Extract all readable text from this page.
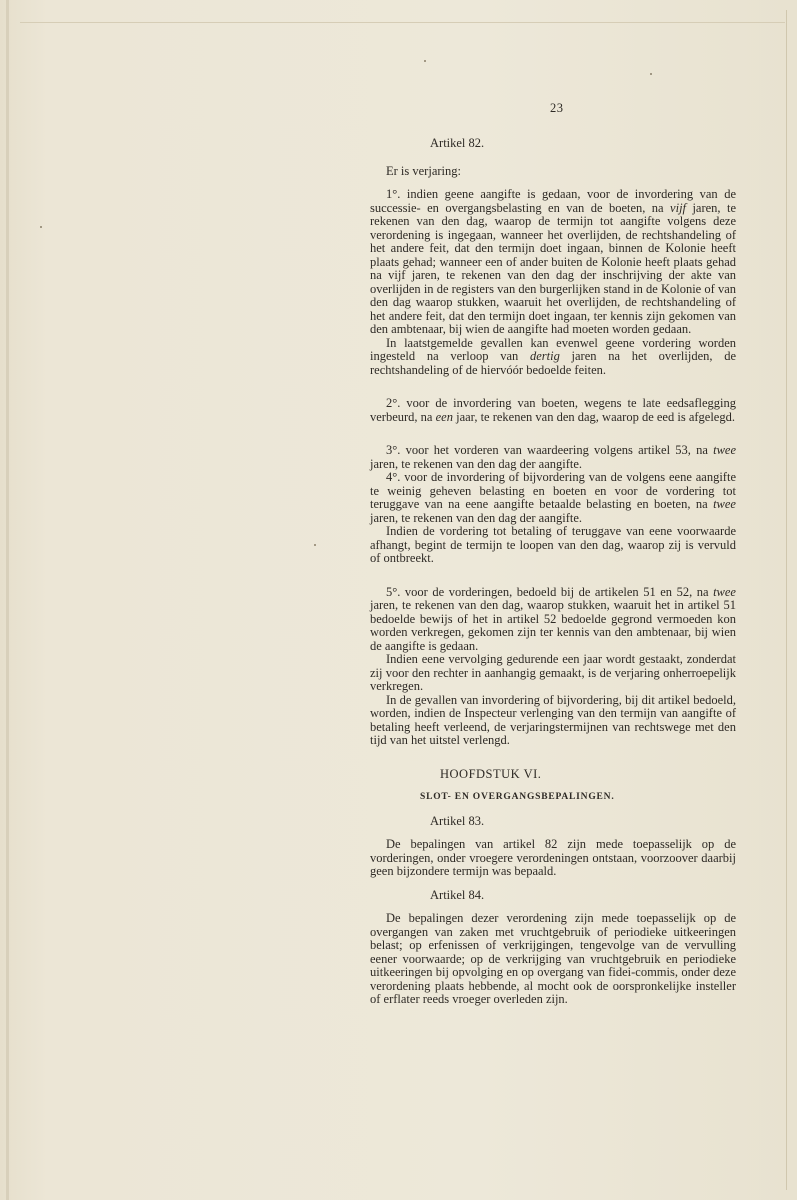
23

Artikel 82.

Er is verjaring:

1°. indien geene aangifte is gedaan, voor de invordering van de successie- en overgangsbelasting en van de boeten, na vijf jaren, te rekenen van den dag, waarop de termijn tot aangifte volgens deze verordening is ingegaan, wanneer het overlijden, de rechtshandeling of het andere feit, dat den termijn doet ingaan, binnen de Kolonie heeft plaats gehad; wanneer een of ander buiten de Kolonie heeft plaats gehad na vijf jaren, te rekenen van den dag der inschrijving der akte van overlijden in de registers van den burgerlijken stand in de Kolonie of van den dag waarop stukken, waaruit het overlijden, de rechtshandeling of het andere feit, dat den termijn doet ingaan, ter kennis zijn gekomen van den ambtenaar, bij wien de aangifte had moeten worden gedaan.

In laatstgemelde gevallen kan evenwel geene vordering worden ingesteld na verloop van dertig jaren na het overlijden, de rechtshandeling of de hiervóór bedoelde feiten.

2°. voor de invordering van boeten, wegens te late eedsaflegging verbeurd, na een jaar, te rekenen van den dag, waarop de eed is afgelegd.

3°. voor het vorderen van waardeering volgens artikel 53, na twee jaren, te rekenen van den dag der aangifte.

4°. voor de invordering of bijvordering van de volgens eene aangifte te weinig geheven belasting en boeten en voor de vordering tot teruggave van na eene aangifte betaalde belasting en boeten, na twee jaren, te rekenen van den dag der aangifte.

Indien de vordering tot betaling of teruggave van eene voorwaarde afhangt, begint de termijn te loopen van den dag, waarop zij is vervuld of ontbreekt.

5°. voor de vorderingen, bedoeld bij de artikelen 51 en 52, na twee jaren, te rekenen van den dag, waarop stukken, waaruit het in artikel 51 bedoelde bewijs of het in artikel 52 bedoelde gegrond vermoeden kon worden verkregen, gekomen zijn ter kennis van den ambtenaar, bij wien de aangifte is gedaan.

Indien eene vervolging gedurende een jaar wordt gestaakt, zonderdat zij voor den rechter in aanhangig gemaakt, is de verjaring onherroepelijk verkregen.

In de gevallen van invordering of bijvordering, bij dit artikel bedoeld, worden, indien de Inspecteur verlenging van den termijn van aangifte of betaling heeft verleend, de verjaringstermijnen van rechtswege met den tijd van het uitstel verlengd.

HOOFDSTUK VI.

SLOT- EN OVERGANGSBEPALINGEN.

Artikel 83.

De bepalingen van artikel 82 zijn mede toepasselijk op de vorderingen, onder vroegere verordeningen ontstaan, voorzoover daarbij geen bijzondere termijn was bepaald.

Artikel 84.

De bepalingen dezer verordening zijn mede toepasselijk op de overgangen van zaken met vruchtgebruik of periodieke uitkeeringen belast; op erfenissen of verkrijgingen, tengevolge van de vervulling eener voorwaarde; op de verkrijging van vruchtgebruik en periodieke uitkeeringen bij opvolging en op overgang van fidei-commis, onder deze verordening plaats hebbende, al mocht ook de oorspronkelijke insteller of erflater reeds vroeger overleden zijn.
